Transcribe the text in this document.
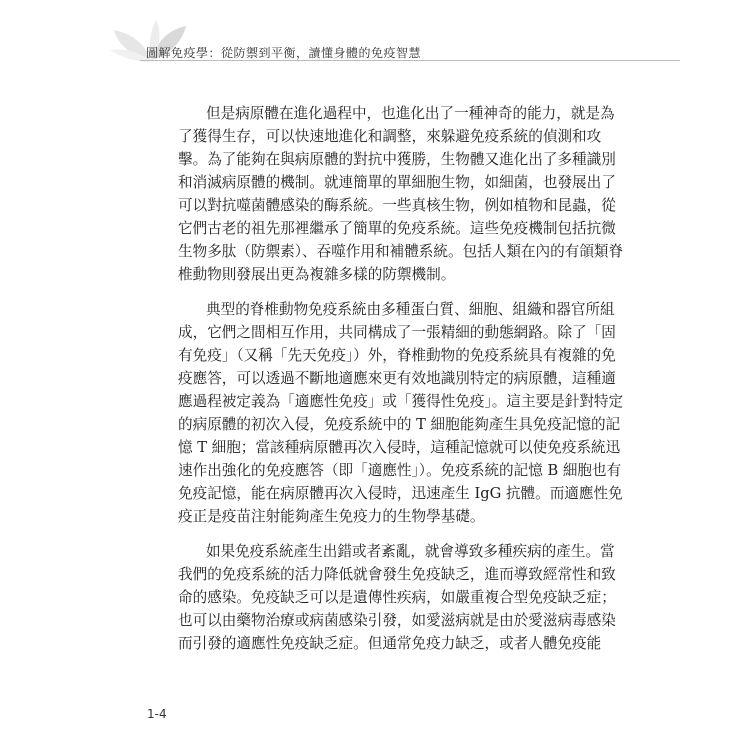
圖解免疫學：從防禦到平衡，讀懂身體的免疫智慧
但是病原體在進化過程中，也進化出了一種神奇的能力，就是為
了獲得生存，可以快速地進化和調整，來躲避免疫系統的偵測和攻
擊。為了能夠在與病原體的對抗中獲勝，生物體又進化出了多種識別
和消滅病原體的機制。就連簡單的單細胞生物，如細菌，也發展出了
可以對抗噬菌體感染的酶系統。一些真核生物，例如植物和昆蟲，從
它們古老的祖先那裡繼承了簡單的免疫系統。這些免疫機制包括抗微
生物多肽（防禦素）、吞噬作用和補體系統。包括人類在內的有頜類脊
椎動物則發展出更為複雜多樣的防禦機制。
典型的脊椎動物免疫系統由多種蛋白質、細胞、組織和器官所組
成，它們之間相互作用，共同構成了一張精細的動態網路。除了「固
有免疫」（又稱「先天免疫」）外，脊椎動物的免疫系統具有複雜的免
疫應答，可以透過不斷地適應來更有效地識別特定的病原體，這種適
應過程被定義為「適應性免疫」或「獲得性免疫」。這主要是針對特定
的病原體的初次入侵，免疫系統中的 T 細胞能夠產生具免疫記憶的記
憶 T 細胞；當該種病原體再次入侵時，這種記憶就可以使免疫系統迅
速作出強化的免疫應答（即「適應性」）。免疫系統的記憶 B 細胞也有
免疫記憶，能在病原體再次入侵時，迅速產生 IgG 抗體。而適應性免
疫正是疫苗注射能夠產生免疫力的生物學基礎。
如果免疫系統產生出錯或者紊亂，就會導致多種疾病的產生。當
我們的免疫系統的活力降低就會發生免疫缺乏，進而導致經常性和致
命的感染。免疫缺乏可以是遺傳性疾病，如嚴重複合型免疫缺乏症；
也可以由藥物治療或病菌感染引發，如愛滋病就是由於愛滋病毒感染
而引發的適應性免疫缺乏症。但通常免疫力缺乏，或者人體免疫能
1-4
